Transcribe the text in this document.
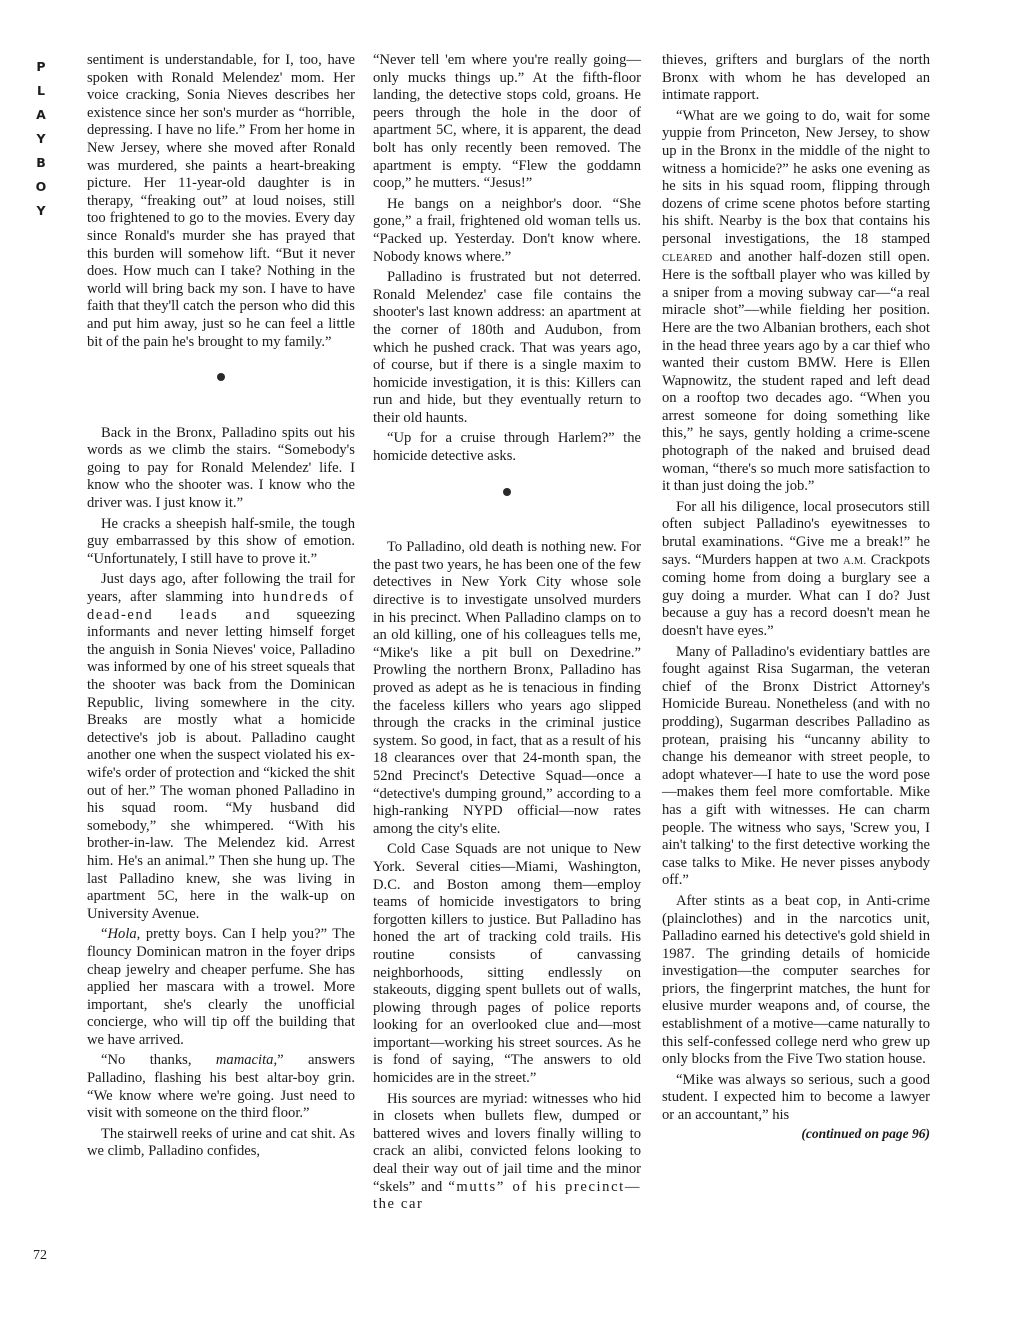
P
L
A
Y
B
O
Y
72

sentiment is understandable, for I, too, have spoken with Ronald Melendez' mom. Her voice cracking, Sonia Nieves describes her existence since her son's murder as “horrible, depressing. I have no life.” From her home in New Jersey, where she moved after Ronald was murdered, she paints a heart-breaking picture. Her 11-year-old daughter is in therapy, “freaking out” at loud noises, still too frightened to go to the movies. Every day since Ronald's murder she has prayed that this burden will somehow lift. “But it never does. How much can I take? Nothing in the world will bring back my son. I have to have faith that they'll catch the person who did this and put him away, just so he can feel a little bit of the pain he's brought to my family.”

Back in the Bronx, Palladino spits out his words as we climb the stairs. “Somebody's going to pay for Ronald Melendez' life. I know who the shooter was. I know who the driver was. I just know it.”

He cracks a sheepish half-smile, the tough guy embarrassed by this show of emotion. “Unfortunately, I still have to prove it.”

Just days ago, after following the trail for years, after slamming into hundreds of dead-end leads and squeezing informants and never letting himself forget the anguish in Sonia Nieves' voice, Palladino was informed by one of his street squeals that the shooter was back from the Dominican Republic, living somewhere in the city. Breaks are mostly what a homicide detective's job is about. Palladino caught another one when the suspect violated his ex-wife's order of protection and “kicked the shit out of her.” The woman phoned Palladino in his squad room. “My husband did somebody,” she whimpered. “With his brother-in-law. The Melendez kid. Arrest him. He's an animal.” Then she hung up. The last Palladino knew, she was living in apartment 5C, here in the walk-up on University Avenue.

“Hola, pretty boys. Can I help you?” The flouncy Dominican matron in the foyer drips cheap jewelry and cheaper perfume. She has applied her mascara with a trowel. More important, she's clearly the unofficial concierge, who will tip off the building that we have arrived.

“No thanks, mamacita,” answers Palladino, flashing his best altar-boy grin. “We know where we're going. Just need to visit with someone on the third floor.”

The stairwell reeks of urine and cat shit. As we climb, Palladino confides,

“Never tell 'em where you're really going—only mucks things up.” At the fifth-floor landing, the detective stops cold, groans. He peers through the hole in the door of apartment 5C, where, it is apparent, the dead bolt has only recently been removed. The apartment is empty. “Flew the goddamn coop,” he mutters. “Jesus!”

He bangs on a neighbor's door. “She gone,” a frail, frightened old woman tells us. “Packed up. Yesterday. Don't know where. Nobody knows where.”

Palladino is frustrated but not deterred. Ronald Melendez' case file contains the shooter's last known address: an apartment at the corner of 180th and Audubon, from which he pushed crack. That was years ago, of course, but if there is a single maxim to homicide investigation, it is this: Killers can run and hide, but they eventually return to their old haunts.

“Up for a cruise through Harlem?” the homicide detective asks.

To Palladino, old death is nothing new. For the past two years, he has been one of the few detectives in New York City whose sole directive is to investigate unsolved murders in his precinct. When Palladino clamps on to an old killing, one of his colleagues tells me, “Mike's like a pit bull on Dexedrine.” Prowling the northern Bronx, Palladino has proved as adept as he is tenacious in finding the faceless killers who years ago slipped through the cracks in the criminal justice system. So good, in fact, that as a result of his 18 clearances over that 24-month span, the 52nd Precinct's Detective Squad—once a “detective's dumping ground,” according to a high-ranking NYPD official—now rates among the city's elite.

Cold Case Squads are not unique to New York. Several cities—Miami, Washington, D.C. and Boston among them—employ teams of homicide investigators to bring forgotten killers to justice. But Palladino has honed the art of tracking cold trails. His routine consists of canvassing neighborhoods, sitting endlessly on stakeouts, digging spent bullets out of walls, plowing through pages of police reports looking for an overlooked clue and—most important—working his street sources. As he is fond of saying, “The answers to old homicides are in the street.”

His sources are myriad: witnesses who hid in closets when bullets flew, dumped or battered wives and lovers finally willing to crack an alibi, convicted felons looking to deal their way out of jail time and the minor “skels” and “mutts” of his precinct—the car

thieves, grifters and burglars of the north Bronx with whom he has developed an intimate rapport.

“What are we going to do, wait for some yuppie from Princeton, New Jersey, to show up in the Bronx in the middle of the night to witness a homicide?” he asks one evening as he sits in his squad room, flipping through dozens of crime scene photos before starting his shift. Nearby is the box that contains his personal investigations, the 18 stamped CLEARED and another half-dozen still open. Here is the softball player who was killed by a sniper from a moving subway car—“a real miracle shot”—while fielding her position. Here are the two Albanian brothers, each shot in the head three years ago by a car thief who wanted their custom BMW. Here is Ellen Wapnowitz, the student raped and left dead on a rooftop two decades ago. “When you arrest someone for doing something like this,” he says, gently holding a crime-scene photograph of the naked and bruised dead woman, “there's so much more satisfaction to it than just doing the job.”

For all his diligence, local prosecutors still often subject Palladino's eyewitnesses to brutal examinations. “Give me a break!” he says. “Murders happen at two A.M. Crackpots coming home from doing a burglary see a guy doing a murder. What can I do? Just because a guy has a record doesn't mean he doesn't have eyes.”

Many of Palladino's evidentiary battles are fought against Risa Sugarman, the veteran chief of the Bronx District Attorney's Homicide Bureau. Nonetheless (and with no prodding), Sugarman describes Palladino as protean, praising his “uncanny ability to change his demeanor with street people, to adopt whatever—I hate to use the word pose—makes them feel more comfortable. Mike has a gift with witnesses. He can charm people. The witness who says, 'Screw you, I ain't talking' to the first detective working the case talks to Mike. He never pisses anybody off.”

After stints as a beat cop, in Anti-crime (plainclothes) and in the narcotics unit, Palladino earned his detective's gold shield in 1987. The grinding details of homicide investigation—the computer searches for priors, the fingerprint matches, the hunt for elusive murder weapons and, of course, the establishment of a motive—came naturally to this self-confessed college nerd who grew up only blocks from the Five Two station house.

“Mike was always so serious, such a good student. I expected him to become a lawyer or an accountant,” his

(continued on page 96)
